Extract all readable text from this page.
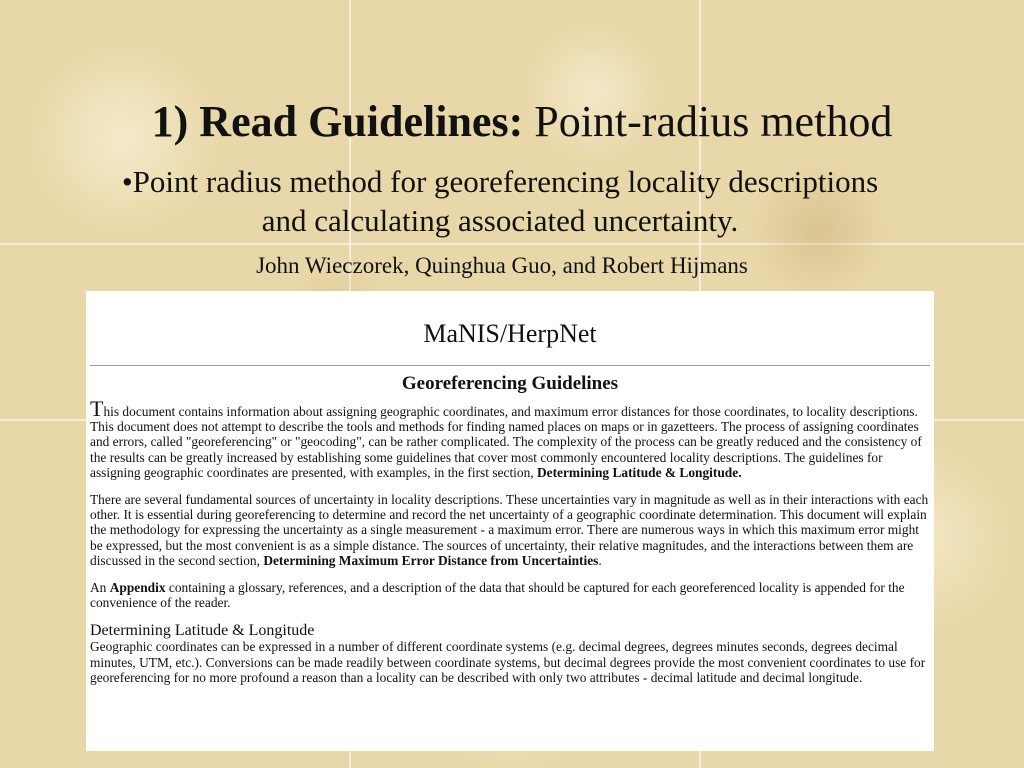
1) Read Guidelines: Point-radius method
•Point radius method for georeferencing locality descriptions and calculating associated uncertainty.
John Wieczorek, Quinghua Guo, and Robert Hijmans
MaNIS/HerpNet
Georeferencing Guidelines

This document contains information about assigning geographic coordinates, and maximum error distances for those coordinates, to locality descriptions. This document does not attempt to describe the tools and methods for finding named places on maps or in gazetteers. The process of assigning coordinates and errors, called "georeferencing" or "geocoding", can be rather complicated. The complexity of the process can be greatly reduced and the consistency of the results can be greatly increased by establishing some guidelines that cover most commonly encountered locality descriptions. The guidelines for assigning geographic coordinates are presented, with examples, in the first section, Determining Latitude & Longitude.

There are several fundamental sources of uncertainty in locality descriptions. These uncertainties vary in magnitude as well as in their interactions with each other. It is essential during georeferencing to determine and record the net uncertainty of a geographic coordinate determination. This document will explain the methodology for expressing the uncertainty as a single measurement - a maximum error. There are numerous ways in which this maximum error might be expressed, but the most convenient is as a simple distance. The sources of uncertainty, their relative magnitudes, and the interactions between them are discussed in the second section, Determining Maximum Error Distance from Uncertainties.

An Appendix containing a glossary, references, and a description of the data that should be captured for each georeferenced locality is appended for the convenience of the reader.

Determining Latitude & Longitude

Geographic coordinates can be expressed in a number of different coordinate systems (e.g. decimal degrees, degrees minutes seconds, degrees decimal minutes, UTM, etc.). Conversions can be made readily between coordinate systems, but decimal degrees provide the most convenient coordinates to use for georeferencing for no more profound a reason than a locality can be described with only two attributes - decimal latitude and decimal longitude.
